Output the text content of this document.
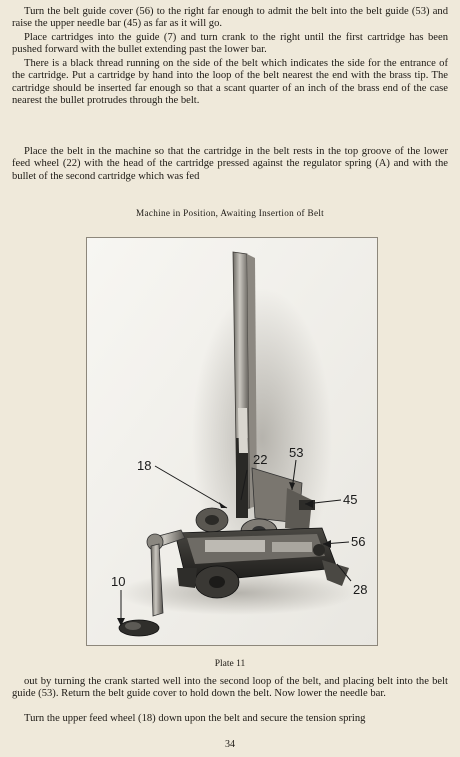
Turn the belt guide cover (56) to the right far enough to admit the belt into the belt guide (53) and raise the upper needle bar (45) as far as it will go.

Place cartridges into the guide (7) and turn crank to the right until the first cartridge has been pushed forward with the bullet extending past the lower bar.

There is a black thread running on the side of the belt which indicates the side for the entrance of the cartridge. Put a cartridge by hand into the loop of the belt nearest the end with the brass tip. The cartridge should be inserted far enough so that a scant quarter of an inch of the brass end of the case nearest the bullet protrudes through the belt.

Place the belt in the machine so that the cartridge in the belt rests in the top groove of the lower feed wheel (22) with the head of the cartridge pressed against the regulator spring (A) and with the bullet of the second cartridge which was fed

Machine in Position, Awaiting Insertion of Belt

18	22 53
45
56
10
28

Plate 11

out by turning the crank started well into the second loop of the belt, and placing belt into the belt guide (53). Return the belt guide cover to hold down the belt. Now lower the needle bar.

Turn the upper feed wheel (18) down upon the belt and secure the tension spring

34
